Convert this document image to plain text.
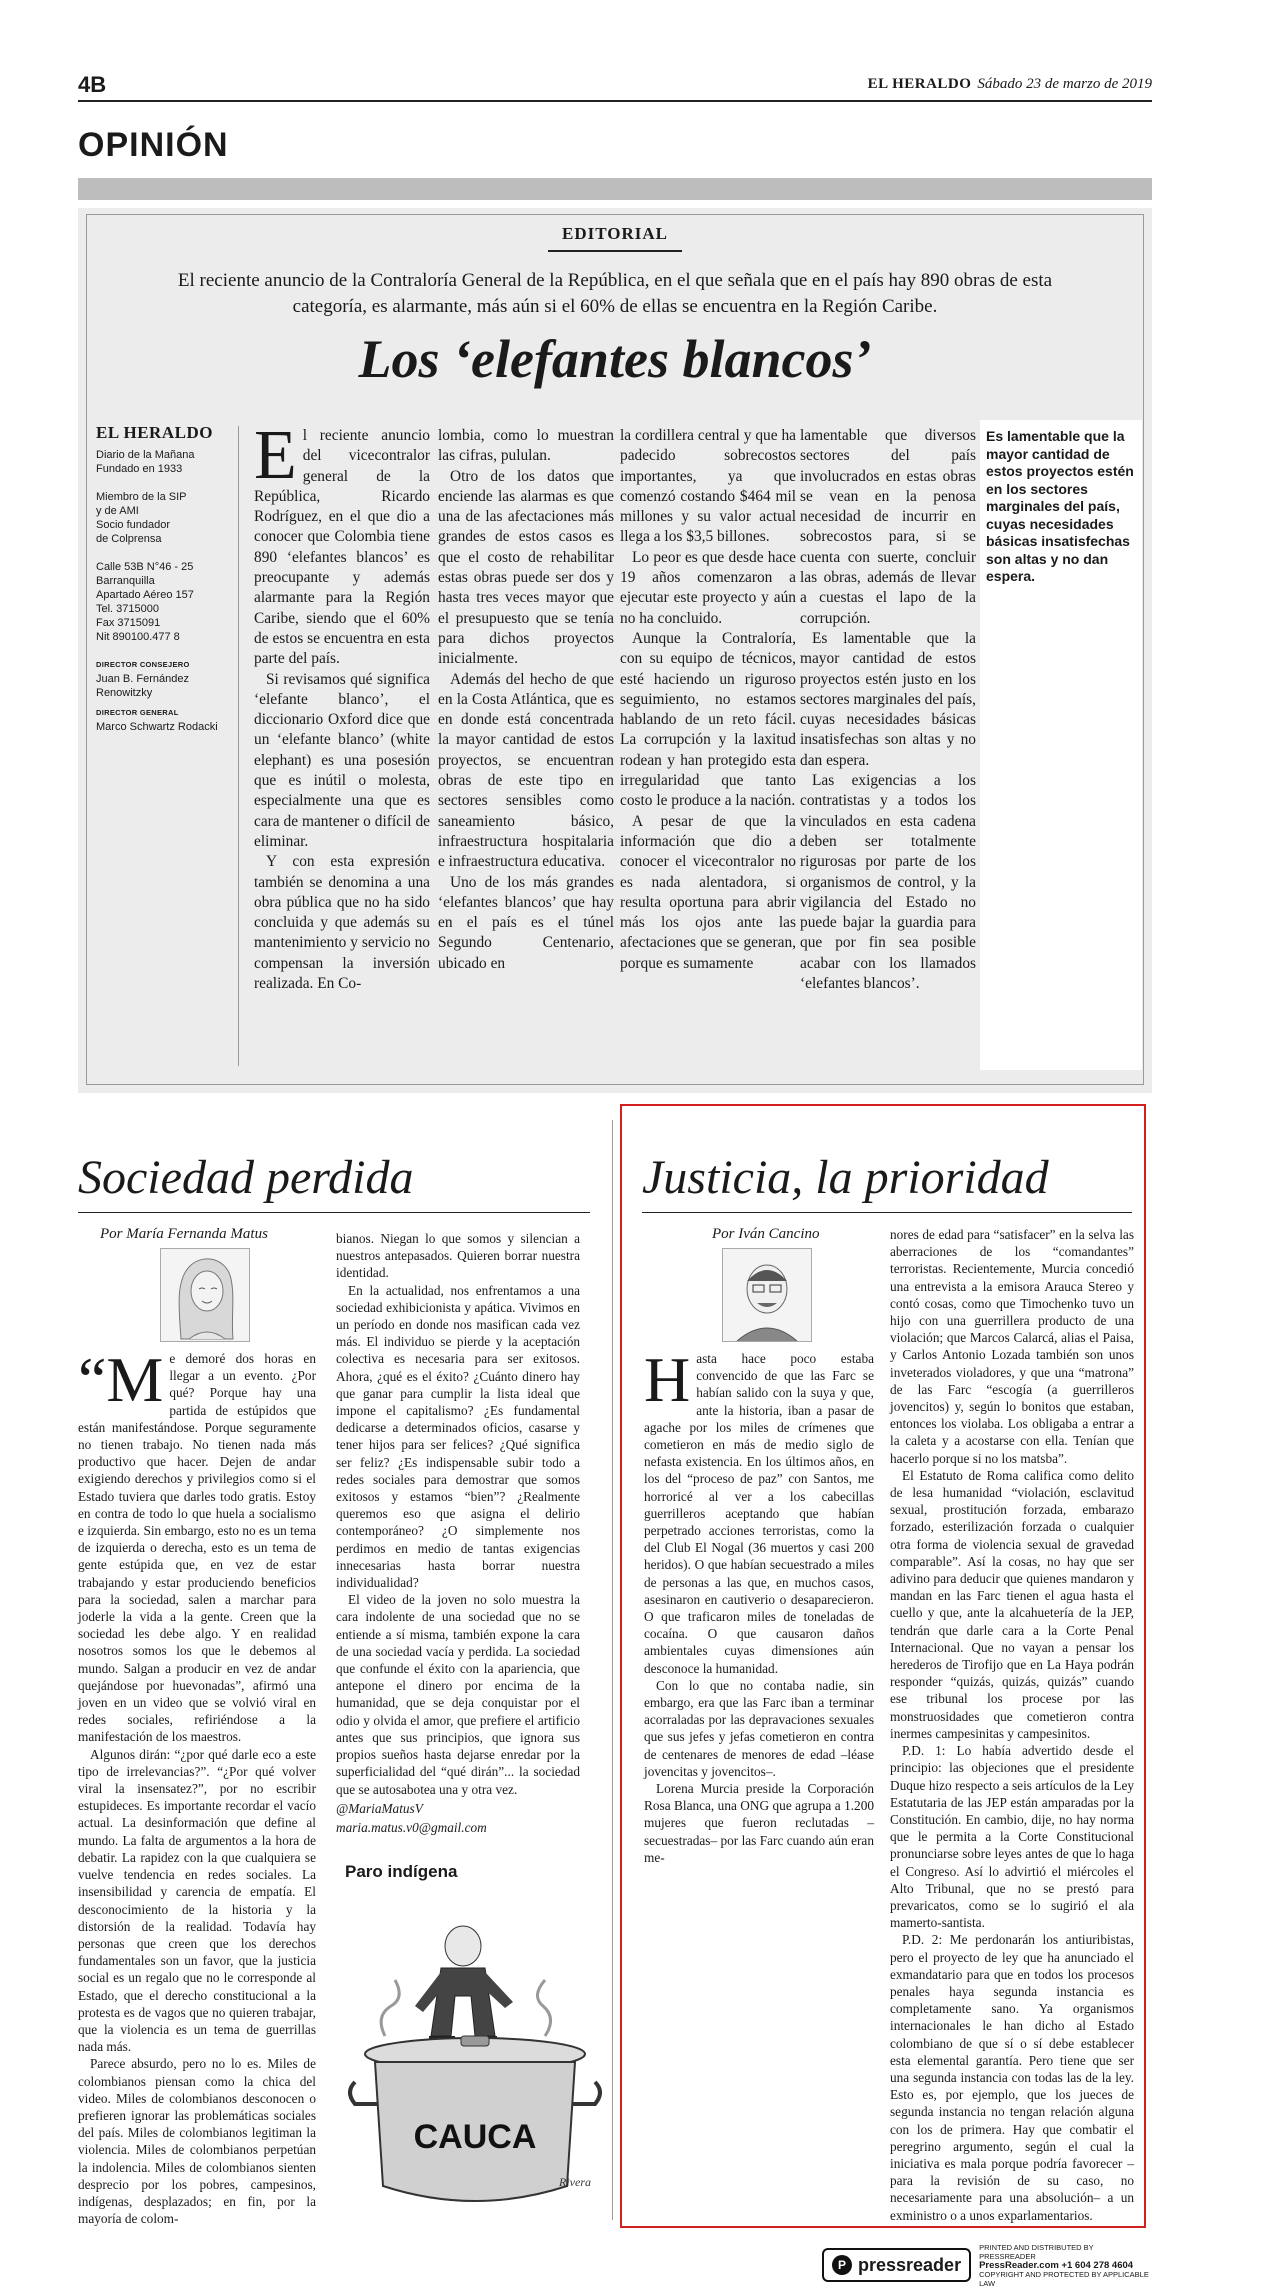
4B	EL HERALDO Sábado 23 de marzo de 2019
OPINIÓN
EDITORIAL
El reciente anuncio de la Contraloría General de la República, en el que señala que en el país hay 890 obras de esta categoría, es alarmante, más aún si el 60% de ellas se encuentra en la Región Caribe.
Los ‘elefantes blancos’
EL HERALDO

Diario de la Mañana
Fundado en 1933

Miembro de la SIP
y de AMI
Socio fundador
de Colprensa

Calle 53B N°46 - 25
Barranquilla
Apartado Aéreo 157
Tel. 3715000
Fax 3715091
Nit 890100.477 8

DIRECTOR CONSEJERO
Juan B. Fernández Renowitzky
DIRECTOR GENERAL
Marco Schwartz Rodacki

El reciente anuncio del vicecontralor general de la República, Ricardo Rodríguez, en el que dio a conocer que Colombia tiene 890 ‘elefantes blancos’ es preocupante y además alarmante para la Región Caribe, siendo que el 60% de estos se encuentra en esta parte del país.

Si revisamos qué significa ‘elefante blanco’, el diccionario Oxford dice que un ‘elefante blanco’ (white elephant) es una posesión que es inútil o molesta, especialmente una que es cara de mantener o difícil de eliminar.

Y con esta expresión también se denomina a una obra pública que no ha sido concluida y que además su mantenimiento y servicio no compensan la inversión realizada. En Co-

lombia, como lo muestran las cifras, pululan.

Otro de los datos que enciende las alarmas es que una de las afectaciones más grandes de estos casos es que el costo de rehabilitar estas obras puede ser dos y hasta tres veces mayor que el presupuesto que se tenía para dichos proyectos inicialmente.

Además del hecho de que en la Costa Atlántica, que es en donde está concentrada la mayor cantidad de estos proyectos, se encuentran obras de este tipo en sectores sensibles como saneamiento básico, infraestructura hospitalaria e infraestructura educativa.

Uno de los más grandes ‘elefantes blancos’ que hay en el país es el túnel Segundo Centenario, ubicado en

la cordillera central y que ha padecido sobrecostos importantes, ya que comenzó costando $464 mil millones y su valor actual llega a los $3,5 billones.

Lo peor es que desde hace 19 años comenzaron a ejecutar este proyecto y aún no ha concluido.

Aunque la Contraloría, con su equipo de técnicos, esté haciendo un riguroso seguimiento, no estamos hablando de un reto fácil. La corrupción y la laxitud rodean y han protegido esta irregularidad que tanto costo le produce a la nación.

A pesar de que la información que dio a conocer el vicecontralor no es nada alentadora, si resulta oportuna para abrir más los ojos ante las afectaciones que se generan, porque es sumamente

lamentable que diversos sectores del país involucrados en estas obras se vean en la penosa necesidad de incurrir en sobrecostos para, si se cuenta con suerte, concluir las obras, además de llevar a cuestas el lapo de la corrupción.

Es lamentable que la mayor cantidad de estos proyectos estén justo en los sectores marginales del país, cuyas necesidades básicas insatisfechas son altas y no dan espera.

Las exigencias a los contratistas y a todos los vinculados en esta cadena deben ser totalmente rigurosas por parte de los organismos de control, y la vigilancia del Estado no puede bajar la guardia para que por fin sea posible acabar con los llamados ‘elefantes blancos’.

Es lamentable que la mayor cantidad de estos proyectos estén en los sectores marginales del país, cuyas necesidades básicas insatisfechas son altas y no dan espera.

Sociedad perdida
Por María Fernanda Matus

“Me demoré dos horas en llegar a un evento. ¿Por qué? Porque hay una partida de estúpidos que están manifestándose. Porque seguramente no tienen trabajo. No tienen nada más productivo que hacer. Dejen de andar exigiendo derechos y privilegios como si el Estado tuviera que darles todo gratis. Estoy en contra de todo lo que huela a socialismo e izquierda. Sin embargo, esto no es un tema de izquierda o derecha, esto es un tema de gente estúpida que, en vez de estar trabajando y estar produciendo beneficios para la sociedad, salen a marchar para joderle la vida a la gente. Creen que la sociedad les debe algo. Y en realidad nosotros somos los que le debemos al mundo. Salgan a producir en vez de andar quejándose por huevonadas”, afirmó una joven en un video que se volvió viral en redes sociales, refiriéndose a la manifestación de los maestros.

Algunos dirán: “¿por qué darle eco a este tipo de irrelevancias?”. “¿Por qué volver viral la insensatez?”, por no escribir estupideces. Es importante recordar el vacío actual. La desinformación que define al mundo. La falta de argumentos a la hora de debatir. La rapidez con la que cualquiera se vuelve tendencia en redes sociales. La insensibilidad y carencia de empatía. El desconocimiento de la historia y la distorsión de la realidad. Todavía hay personas que creen que los derechos fundamentales son un favor, que la justicia social es un regalo que no le corresponde al Estado, que el derecho constitucional a la protesta es de vagos que no quieren trabajar, que la violencia es un tema de guerrillas nada más.

Parece absurdo, pero no lo es. Miles de colombianos piensan como la chica del video. Miles de colombianos desconocen o prefieren ignorar las problemáticas sociales del país. Miles de colombianos legitiman la violencia. Miles de colombianos perpetúan la indolencia. Miles de colombianos sienten desprecio por los pobres, campesinos, indígenas, desplazados; en fin, por la mayoría de colom-

bianos. Niegan lo que somos y silencian a nuestros antepasados. Quieren borrar nuestra identidad.

En la actualidad, nos enfrentamos a una sociedad exhibicionista y apática. Vivimos en un período en donde nos masifican cada vez más. El individuo se pierde y la aceptación colectiva es necesaria para ser exitosos. Ahora, ¿qué es el éxito? ¿Cuánto dinero hay que ganar para cumplir la lista ideal que impone el capitalismo? ¿Es fundamental dedicarse a determinados oficios, casarse y tener hijos para ser felices? ¿Qué significa ser feliz? ¿Es indispensable subir todo a redes sociales para demostrar que somos exitosos y estamos “bien”? ¿Realmente queremos eso que asigna el delirio contemporáneo? ¿O simplemente nos perdimos en medio de tantas exigencias innecesarias hasta borrar nuestra individualidad?

El video de la joven no solo muestra la cara indolente de una sociedad que no se entiende a sí misma, también expone la cara de una sociedad vacía y perdida. La sociedad que confunde el éxito con la apariencia, que antepone el dinero por encima de la humanidad, que se deja conquistar por el odio y olvida el amor, que prefiere el artificio antes que sus principios, que ignora sus propios sueños hasta dejarse enredar por la superficialidad del “qué dirán”... la sociedad que se autosabotea una y otra vez.

@MariaMatusV

maria.matus.v0@gmail.com

Paro indígena
CAUCA
Rivera
Justicia, la prioridad
Por Iván Cancino

Hasta hace poco estaba convencido de que las Farc se habían salido con la suya y que, ante la historia, iban a pasar de agache por los miles de crímenes que cometieron en más de medio siglo de nefasta existencia. En los últimos años, en los del “proceso de paz” con Santos, me horroricé al ver a los cabecillas guerrilleros aceptando que habían perpetrado acciones terroristas, como la del Club El Nogal (36 muertos y casi 200 heridos). O que habían secuestrado a miles de personas a las que, en muchos casos, asesinaron en cautiverio o desaparecieron. O que traficaron miles de toneladas de cocaína. O que causaron daños ambientales cuyas dimensiones aún desconoce la humanidad.

Con lo que no contaba nadie, sin embargo, era que las Farc iban a terminar acorraladas por las depravaciones sexuales que sus jefes y jefas cometieron en contra de centenares de menores de edad –léase jovencitas y jovencitos–.

Lorena Murcia preside la Corporación Rosa Blanca, una ONG que agrupa a 1.200 mujeres que fueron reclutadas –secuestradas– por las Farc cuando aún eran me-

nores de edad para “satisfacer” en la selva las aberraciones de los “comandantes” terroristas. Recientemente, Murcia concedió una entrevista a la emisora Arauca Stereo y contó cosas, como que Timochenko tuvo un hijo con una guerrillera producto de una violación; que Marcos Calarcá, alias el Paisa, y Carlos Antonio Lozada también son unos inveterados violadores, y que una “matrona” de las Farc “escogía (a guerrilleros jovencitos) y, según lo bonitos que estaban, entonces los violaba. Los obligaba a entrar a la caleta y a acostarse con ella. Tenían que hacerlo porque si no los matsba”.

El Estatuto de Roma califica como delito de lesa humanidad “violación, esclavitud sexual, prostitución forzada, embarazo forzado, esterilización forzada o cualquier otra forma de violencia sexual de gravedad comparable”. Así la cosas, no hay que ser adivino para deducir que quienes mandaron y mandan en las Farc tienen el agua hasta el cuello y que, ante la alcahuetería de la JEP, tendrán que darle cara a la Corte Penal Internacional. Que no vayan a pensar los herederos de Tirofijo que en La Haya podrán responder “quizás, quizás, quizás” cuando ese tribunal los procese por las monstruosidades que cometieron contra inermes campesinitas y campesinitos.

P.D. 1: Lo había advertido desde el principio: las objeciones que el presidente Duque hizo respecto a seis artículos de la Ley Estatutaria de las JEP están amparadas por la Constitución. En cambio, dije, no hay norma que le permita a la Corte Constitucional pronunciarse sobre leyes antes de que lo haga el Congreso. Así lo advirtió el miércoles el Alto Tribunal, que no se prestó para prevaricatos, como se lo sugirió el ala mamerto-santista.

P.D. 2: Me perdonarán los antiuribistas, pero el proyecto de ley que ha anunciado el exmandatario para que en todos los procesos penales haya segunda instancia es completamente sano. Ya organismos internacionales le han dicho al Estado colombiano de que sí o sí debe establecer esta elemental garantía. Pero tiene que ser una segunda instancia con todas las de la ley. Esto es, por ejemplo, que los jueces de segunda instancia no tengan relación alguna con los de primera. Hay que combatir el peregrino argumento, según el cual la iniciativa es mala porque podría favorecer –para la revisión de su caso, no necesariamente para una absolución– a un exministro o a unos exparlamentarios.

P pressreader
PRINTED AND DISTRIBUTED BY PRESSREADER
PressReader.com +1 604 278 4604
COPYRIGHT AND PROTECTED BY APPLICABLE LAW
